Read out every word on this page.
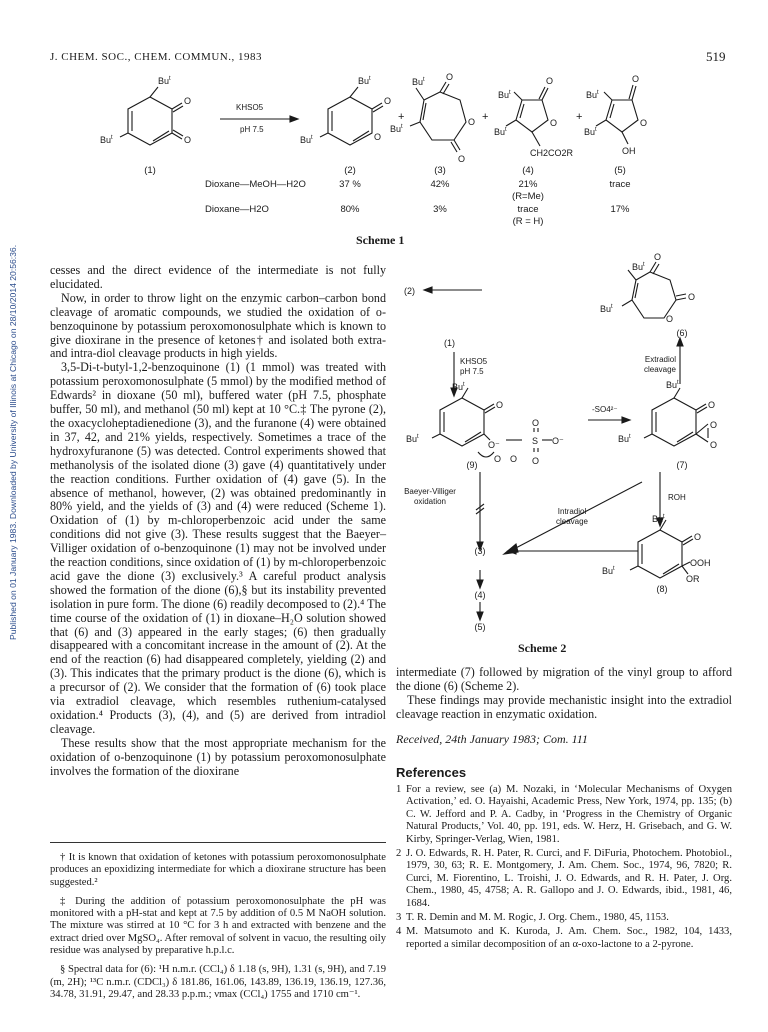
J. CHEM. SOC., CHEM. COMMUN., 1983	519
Published on 01 January 1983. Downloaded by University of Illinois at Chicago on 28/10/2014 20:56:36.
Bu$^t$
Bu$^t$
O
O
KHSO5
pH 7.5
Bu$^t$
Bu$^t$
O
O
+
$Bu^t$
Bu$^t$
O
O
O
+
$Bu^t$
Bu$^t$
O
O
CH2CO2R
+
$Bu^t$
Bu$^t$
O
O
OH
(1)	(2)	(3)	(4)	(5)
Dioxane—MeOH—H2O	37 %	42%	21%	trace
(R=Me)
Dioxane—H2O	80%	3%	trace	17%
(R = H)
Scheme 1

cesses and the direct evidence of the intermediate is not fully elucidated.

Now, in order to throw light on the enzymic carbon–carbon bond cleavage of aromatic compounds, we studied the oxidation of o-benzoquinone by potassium peroxomonosulphate which is known to give dioxirane in the presence of ketones† and isolated both extra- and intra-diol cleavage products in high yields.

3,5-Di-t-butyl-1,2-benzoquinone (1) (1 mmol) was treated with potassium peroxomonosulphate (5 mmol) by the modified method of Edwards² in dioxane (50 ml), buffered water (pH 7.5, phosphate buffer, 50 ml), and methanol (50 ml) kept at 10 °C.‡ The pyrone (2), the oxacycloheptadienedione (3), and the furanone (4) were obtained in 37, 42, and 21% yields, respectively. Sometimes a trace of the hydroxyfuranone (5) was detected. Control experiments showed that methanolysis of the isolated dione (3) gave (4) quantitatively under the reaction conditions. Further oxidation of (4) gave (5). In the absence of methanol, however, (2) was obtained predominantly in 80% yield, and the yields of (3) and (4) were reduced (Scheme 1). Oxidation of (1) by m-chloroperbenzoic acid under the same conditions did not give (3). These results suggest that the Baeyer–Villiger oxidation of o-benzoquinone (1) may not be involved under the reaction conditions, since oxidation of (1) by m-chloroperbenzoic acid gave the dione (3) exclusively.³ A careful product analysis showed the formation of the dione (6),§ but its instability prevented isolation in pure form. The dione (6) readily decomposed to (2).⁴ The time course of the oxidation of (1) in dioxane–H₂O solution showed that (6) and (3) appeared in the early stages; (6) then gradually disappeared with a concomitant increase in the amount of (2). At the end of the reaction (6) had disappeared completely, yielding (2) and (3). This indicates that the primary product is the dione (6), which is a precursor of (2). We consider that the formation of (6) took place via extradiol cleavage, which resembles ruthenium-catalysed oxidation.⁴ Products (3), (4), and (5) are derived from intradiol cleavage.

These results show that the most appropriate mechanism for the oxidation of o-benzoquinone (1) by potassium peroxomonosulphate involves the formation of the dioxirane

† It is known that oxidation of ketones with potassium peroxomonosulphate produces an epoxidizing intermediate for which a dioxirane structure has been suggested.²

‡ During the addition of potassium peroxomonosulphate the pH was monitored with a pH-stat and kept at 7.5 by addition of 0.5 M NaOH solution. The mixture was stirred at 10 °C for 3 h and extracted with benzene and the extract dried over MgSO₄. After removal of solvent in vacuo, the resulting oily residue was analysed by preparative h.p.l.c.

§ Spectral data for (6): ¹H n.m.r. (CCl₄) δ 1.18 (s, 9H), 1.31 (s, 9H), and 7.19 (m, 2H); ¹³C n.m.r. (CDCl₃) δ 181.86, 161.06, 143.89, 136.19, 136.19, 127.36, 34.78, 31.91, 29.47, and 28.33 p.p.m.; νmax (CCl₄) 1755 and 1710 cm⁻¹.

(2)
O
O
O
Bu$^t$
Bu$^t$
(6)
(1)
KHSO5
pH 7.5
Extradiol
cleavage
Bu$^t$
Bu$^t$
O
O⁻
O
O O
S O⁻
O
-SO4²⁻
Bu$^t$
Bu$^t$
O
O
O
(9)	(7)
Baeyer-Villiger
oxidation	ROH
Intradiol
cleavage	Bu$^t$
Bu$^t$
O
OOH
OR
(3)
(8)
(4)
(5)
Scheme 2

intermediate (7) followed by migration of the vinyl group to afford the dione (6) (Scheme 2).

These findings may provide mechanistic insight into the extradiol cleavage reaction in enzymatic oxidation.

Received, 24th January 1983; Com. 111
References
1 For a review, see (a) M. Nozaki, in ‘Molecular Mechanisms of Oxygen Activation,’ ed. O. Hayaishi, Academic Press, New York, 1974, pp. 135; (b) C. W. Jefford and P. A. Cadby, in ‘Progress in the Chemistry of Organic Natural Products,’ Vol. 40, pp. 191, eds. W. Herz, H. Grisebach, and G. W. Kirby, Springer-Verlag, Wien, 1981.
2 J. O. Edwards, R. H. Pater, R. Curci, and F. DiFuria, Photochem. Photobiol., 1979, 30, 63; R. E. Montgomery, J. Am. Chem. Soc., 1974, 96, 7820; R. Curci, M. Fiorentino, L. Troishi, J. O. Edwards, and R. H. Pater, J. Org. Chem., 1980, 45, 4758; A. R. Gallopo and J. O. Edwards, ibid., 1981, 46, 1684.
3 T. R. Demin and M. M. Rogic, J. Org. Chem., 1980, 45, 1153.
4 M. Matsumoto and K. Kuroda, J. Am. Chem. Soc., 1982, 104, 1433, reported a similar decomposition of an α-oxo-lactone to a 2-pyrone.
